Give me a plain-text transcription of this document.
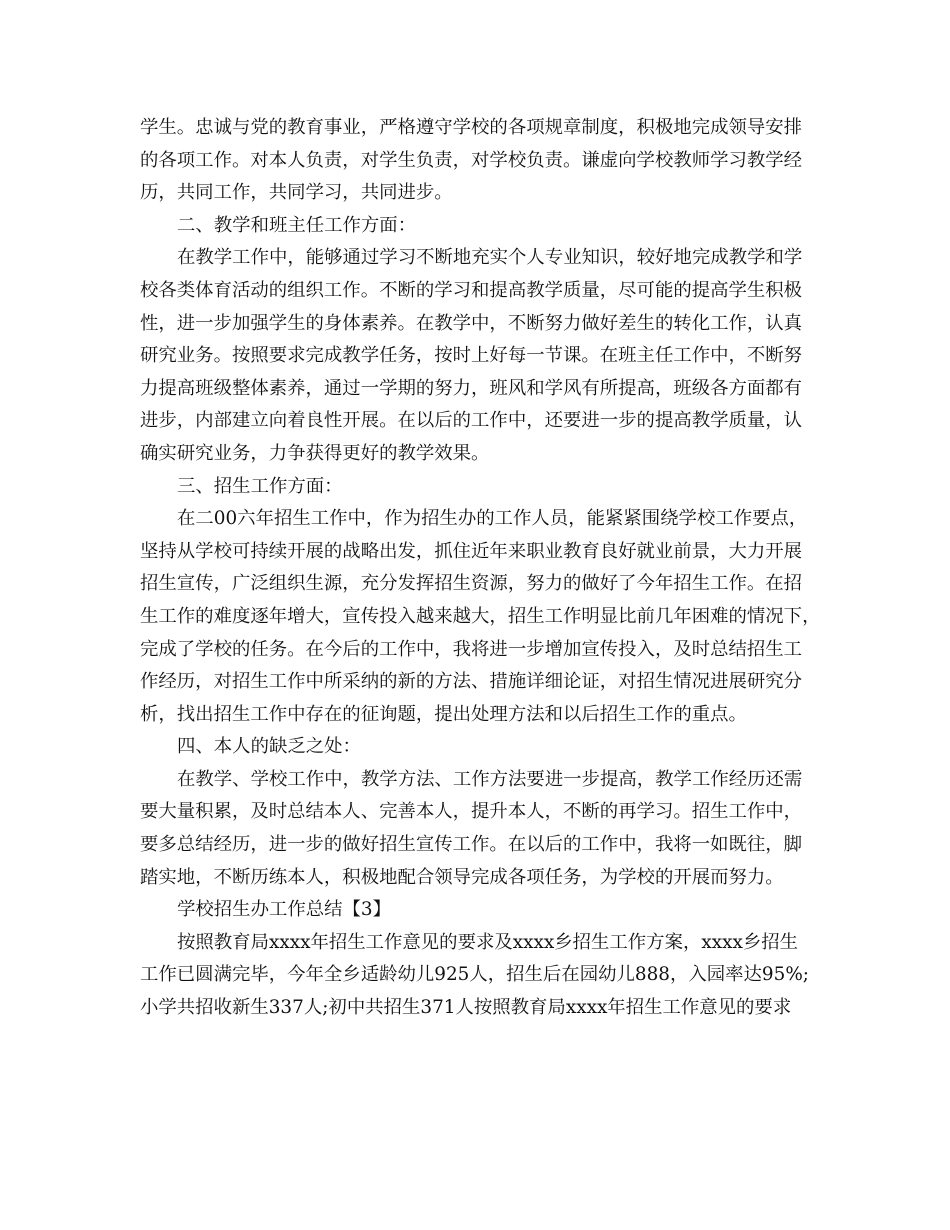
学生。忠诚与党的教育事业，严格遵守学校的各项规章制度，积极地完成领导安排
的各项工作。对本人负责，对学生负责，对学校负责。谦虚向学校教师学习教学经
历，共同工作，共同学习，共同进步。
二、教学和班主任工作方面：
在教学工作中，能够通过学习不断地充实个人专业知识，较好地完成教学和学
校各类体育活动的组织工作。不断的学习和提高教学质量，尽可能的提高学生积极
性，进一步加强学生的身体素养。在教学中，不断努力做好差生的转化工作，认真
研究业务。按照要求完成教学任务，按时上好每一节课。在班主任工作中，不断努
力提高班级整体素养，通过一学期的努力，班风和学风有所提高，班级各方面都有
进步，内部建立向着良性开展。在以后的工作中，还要进一步的提高教学质量，认
确实研究业务，力争获得更好的教学效果。
三、招生工作方面：
在二00六年招生工作中，作为招生办的工作人员，能紧紧围绕学校工作要点，
坚持从学校可持续开展的战略出发，抓住近年来职业教育良好就业前景，大力开展
招生宣传，广泛组织生源，充分发挥招生资源，努力的做好了今年招生工作。在招
生工作的难度逐年增大，宣传投入越来越大，招生工作明显比前几年困难的情况下，
完成了学校的任务。在今后的工作中，我将进一步增加宣传投入，及时总结招生工
作经历，对招生工作中所采纳的新的方法、措施详细论证，对招生情况进展研究分
析，找出招生工作中存在的征询题，提出处理方法和以后招生工作的重点。
四、本人的缺乏之处：
在教学、学校工作中，教学方法、工作方法要进一步提高，教学工作经历还需
要大量积累，及时总结本人、完善本人，提升本人，不断的再学习。招生工作中，
要多总结经历，进一步的做好招生宣传工作。在以后的工作中，我将一如既往，脚
踏实地，不断历练本人，积极地配合领导完成各项任务，为学校的开展而努力。
学校招生办工作总结【3】
按照教育局xxxx年招生工作意见的要求及xxxx乡招生工作方案，xxxx乡招生
工作已圆满完毕，今年全乡适龄幼儿925人，招生后在园幼儿888，入园率达95%;
小学共招收新生337人;初中共招生371人按照教育局xxxx年招生工作意见的要求
